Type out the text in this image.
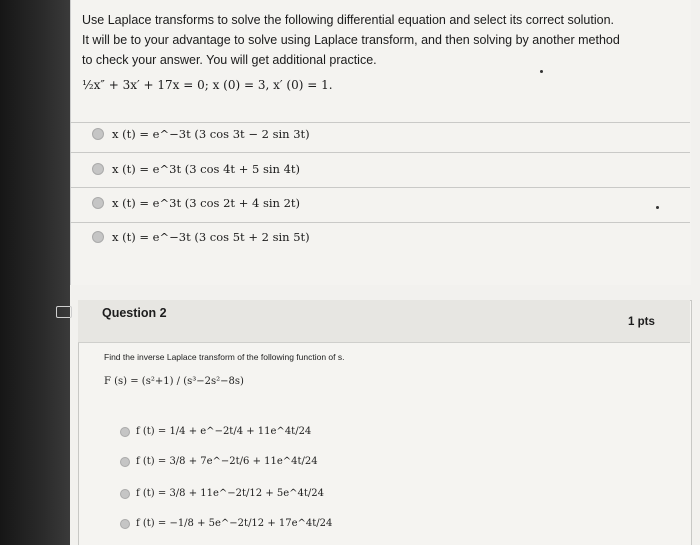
Use Laplace transforms to solve the following differential equation and select its correct solution.
It will be to your advantage to solve using Laplace transform, and then solving by another method
to check your answer. You will get additional practice.
½x″ + 3x′ + 17x = 0; x (0) = 3, x′ (0) = 1.
x (t) = e^−3t (3 cos 3t − 2 sin 3t)
x (t) = e^3t (3 cos 4t + 5 sin 4t)
x (t) = e^3t (3 cos 2t + 4 sin 2t)
x (t) = e^−3t (3 cos 5t + 2 sin 5t)
Question 2
1 pts
Find the inverse Laplace transform of the following function of s.
F (s) = (s²+1) / (s³−2s²−8s)
f (t) = 1/4 + e^−2t/4 + 11e^4t/24
f (t) = 3/8 + 7e^−2t/6 + 11e^4t/24
f (t) = 3/8 + 11e^−2t/12 + 5e^4t/24
f (t) = −1/8 + 5e^−2t/12 + 17e^4t/24
